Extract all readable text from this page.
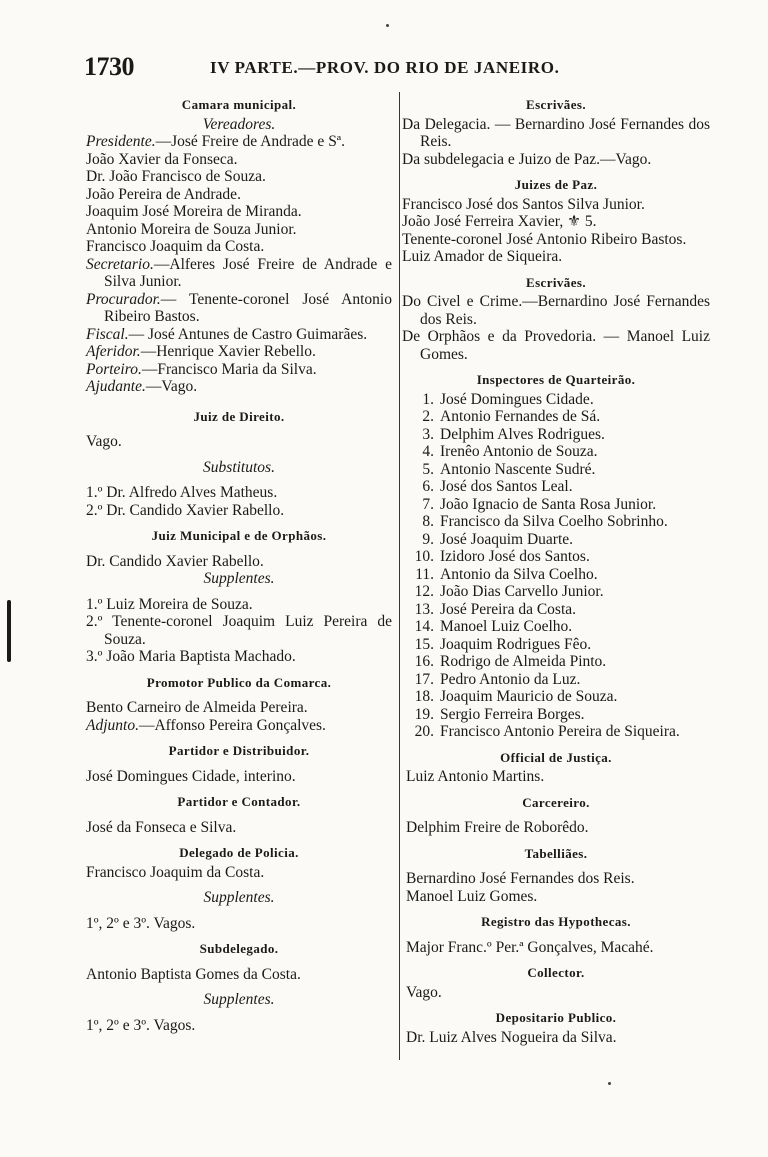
1730	IV PARTE.—PROV. DO RIO DE JANEIRO.
Camara municipal.
Vereadores.
Presidente.—José Freire de Andrade e Sª.
João Xavier da Fonseca.
Dr. João Francisco de Souza.
João Pereira de Andrade.
Joaquim José Moreira de Miranda.
Antonio Moreira de Souza Junior.
Francisco Joaquim da Costa.
Secretario.—Alferes José Freire de Andrade e Silva Junior.
Procurador.— Tenente-coronel José Antonio Ribeiro Bastos.
Fiscal.— José Antunes de Castro Guimarães.
Aferidor.—Henrique Xavier Rebello.
Porteiro.—Francisco Maria da Silva.
Ajudante.—Vago.
Juiz de Direito.
Vago.
Substitutos.
1.º Dr. Alfredo Alves Matheus.
2.º Dr. Candido Xavier Rabello.
Juiz Municipal e de Orphãos.
Dr. Candido Xavier Rabello.
Supplentes.
1.º Luiz Moreira de Souza.
2.º Tenente-coronel Joaquim Luiz Pereira de Souza.
3.º João Maria Baptista Machado.
Promotor Publico da Comarca.
Bento Carneiro de Almeida Pereira.
Adjunto.—Affonso Pereira Gonçalves.
Partidor e Distribuidor.
José Domingues Cidade, interino.
Partidor e Contador.
José da Fonseca e Silva.
Delegado de Policia.
Francisco Joaquim da Costa.
Supplentes.
1º, 2º e 3º. Vagos.
Subdelegado.
Antonio Baptista Gomes da Costa.
Supplentes.
1º, 2º e 3º. Vagos.
Escrivães.
Da Delegacia. — Bernardino José Fernandes dos Reis.
Da subdelegacia e Juizo de Paz.—Vago.
Juizes de Paz.
Francisco José dos Santos Silva Junior.
João José Ferreira Xavier, ⚜ 5.
Tenente-coronel José Antonio Ribeiro Bastos.
Luiz Amador de Siqueira.
Escrivães.
Do Civel e Crime.—Bernardino José Fernandes dos Reis.
De Orphãos e da Provedoria. — Manoel Luiz Gomes.
Inspectores de Quarteirão.
1. José Domingues Cidade.
2. Antonio Fernandes de Sá.
3. Delphim Alves Rodrigues.
4. Irenêo Antonio de Souza.
5. Antonio Nascente Sudré.
6. José dos Santos Leal.
7. João Ignacio de Santa Rosa Junior.
8. Francisco da Silva Coelho Sobrinho.
9. José Joaquim Duarte.
10. Izidoro José dos Santos.
11. Antonio da Silva Coelho.
12. João Dias Carvello Junior.
13. José Pereira da Costa.
14. Manoel Luiz Coelho.
15. Joaquim Rodrigues Fêo.
16. Rodrigo de Almeida Pinto.
17. Pedro Antonio da Luz.
18. Joaquim Mauricio de Souza.
19. Sergio Ferreira Borges.
20. Francisco Antonio Pereira de Siqueira.
Official de Justiça.
Luiz Antonio Martins.
Carcereiro.
Delphim Freire de Roborêdo.
Tabelliães.
Bernardino José Fernandes dos Reis.
Manoel Luiz Gomes.
Registro das Hypothecas.
Major Franc.º Per.ª Gonçalves, Macahé.
Collector.
Vago.
Depositario Publico.
Dr. Luiz Alves Nogueira da Silva.
